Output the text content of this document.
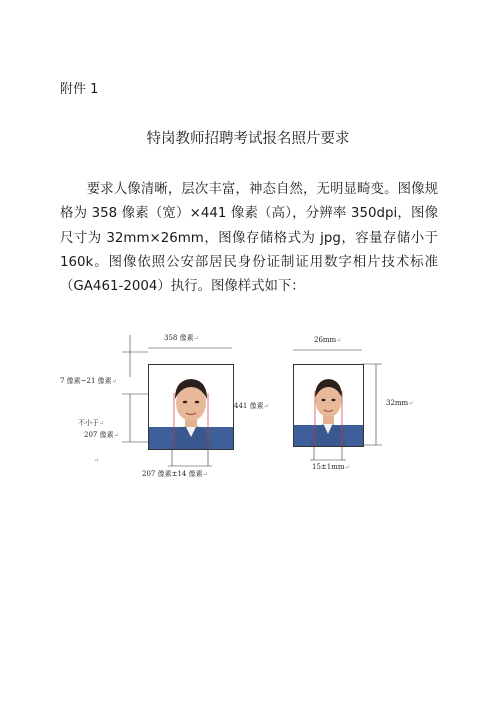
附件 1
特岗教师招聘考试报名照片要求
要求人像清晰，层次丰富，神态自然，无明显畸变。图像规格为 358 像素（宽）×441 像素（高），分辨率 350dpi，图像尺寸为 32mm×26mm，图像存储格式为 jpg，容量存储小于 160k。图像依照公安部居民身份证制证用数字相片技术标准（GA461-2004）执行。图像样式如下：
358 像素↵
7 像素~21 像素↵
不小于↵
207 像素↵
441 像素↵
207 像素±14 像素↵
↵
26mm↵
32mm↵
15±1mm↵
